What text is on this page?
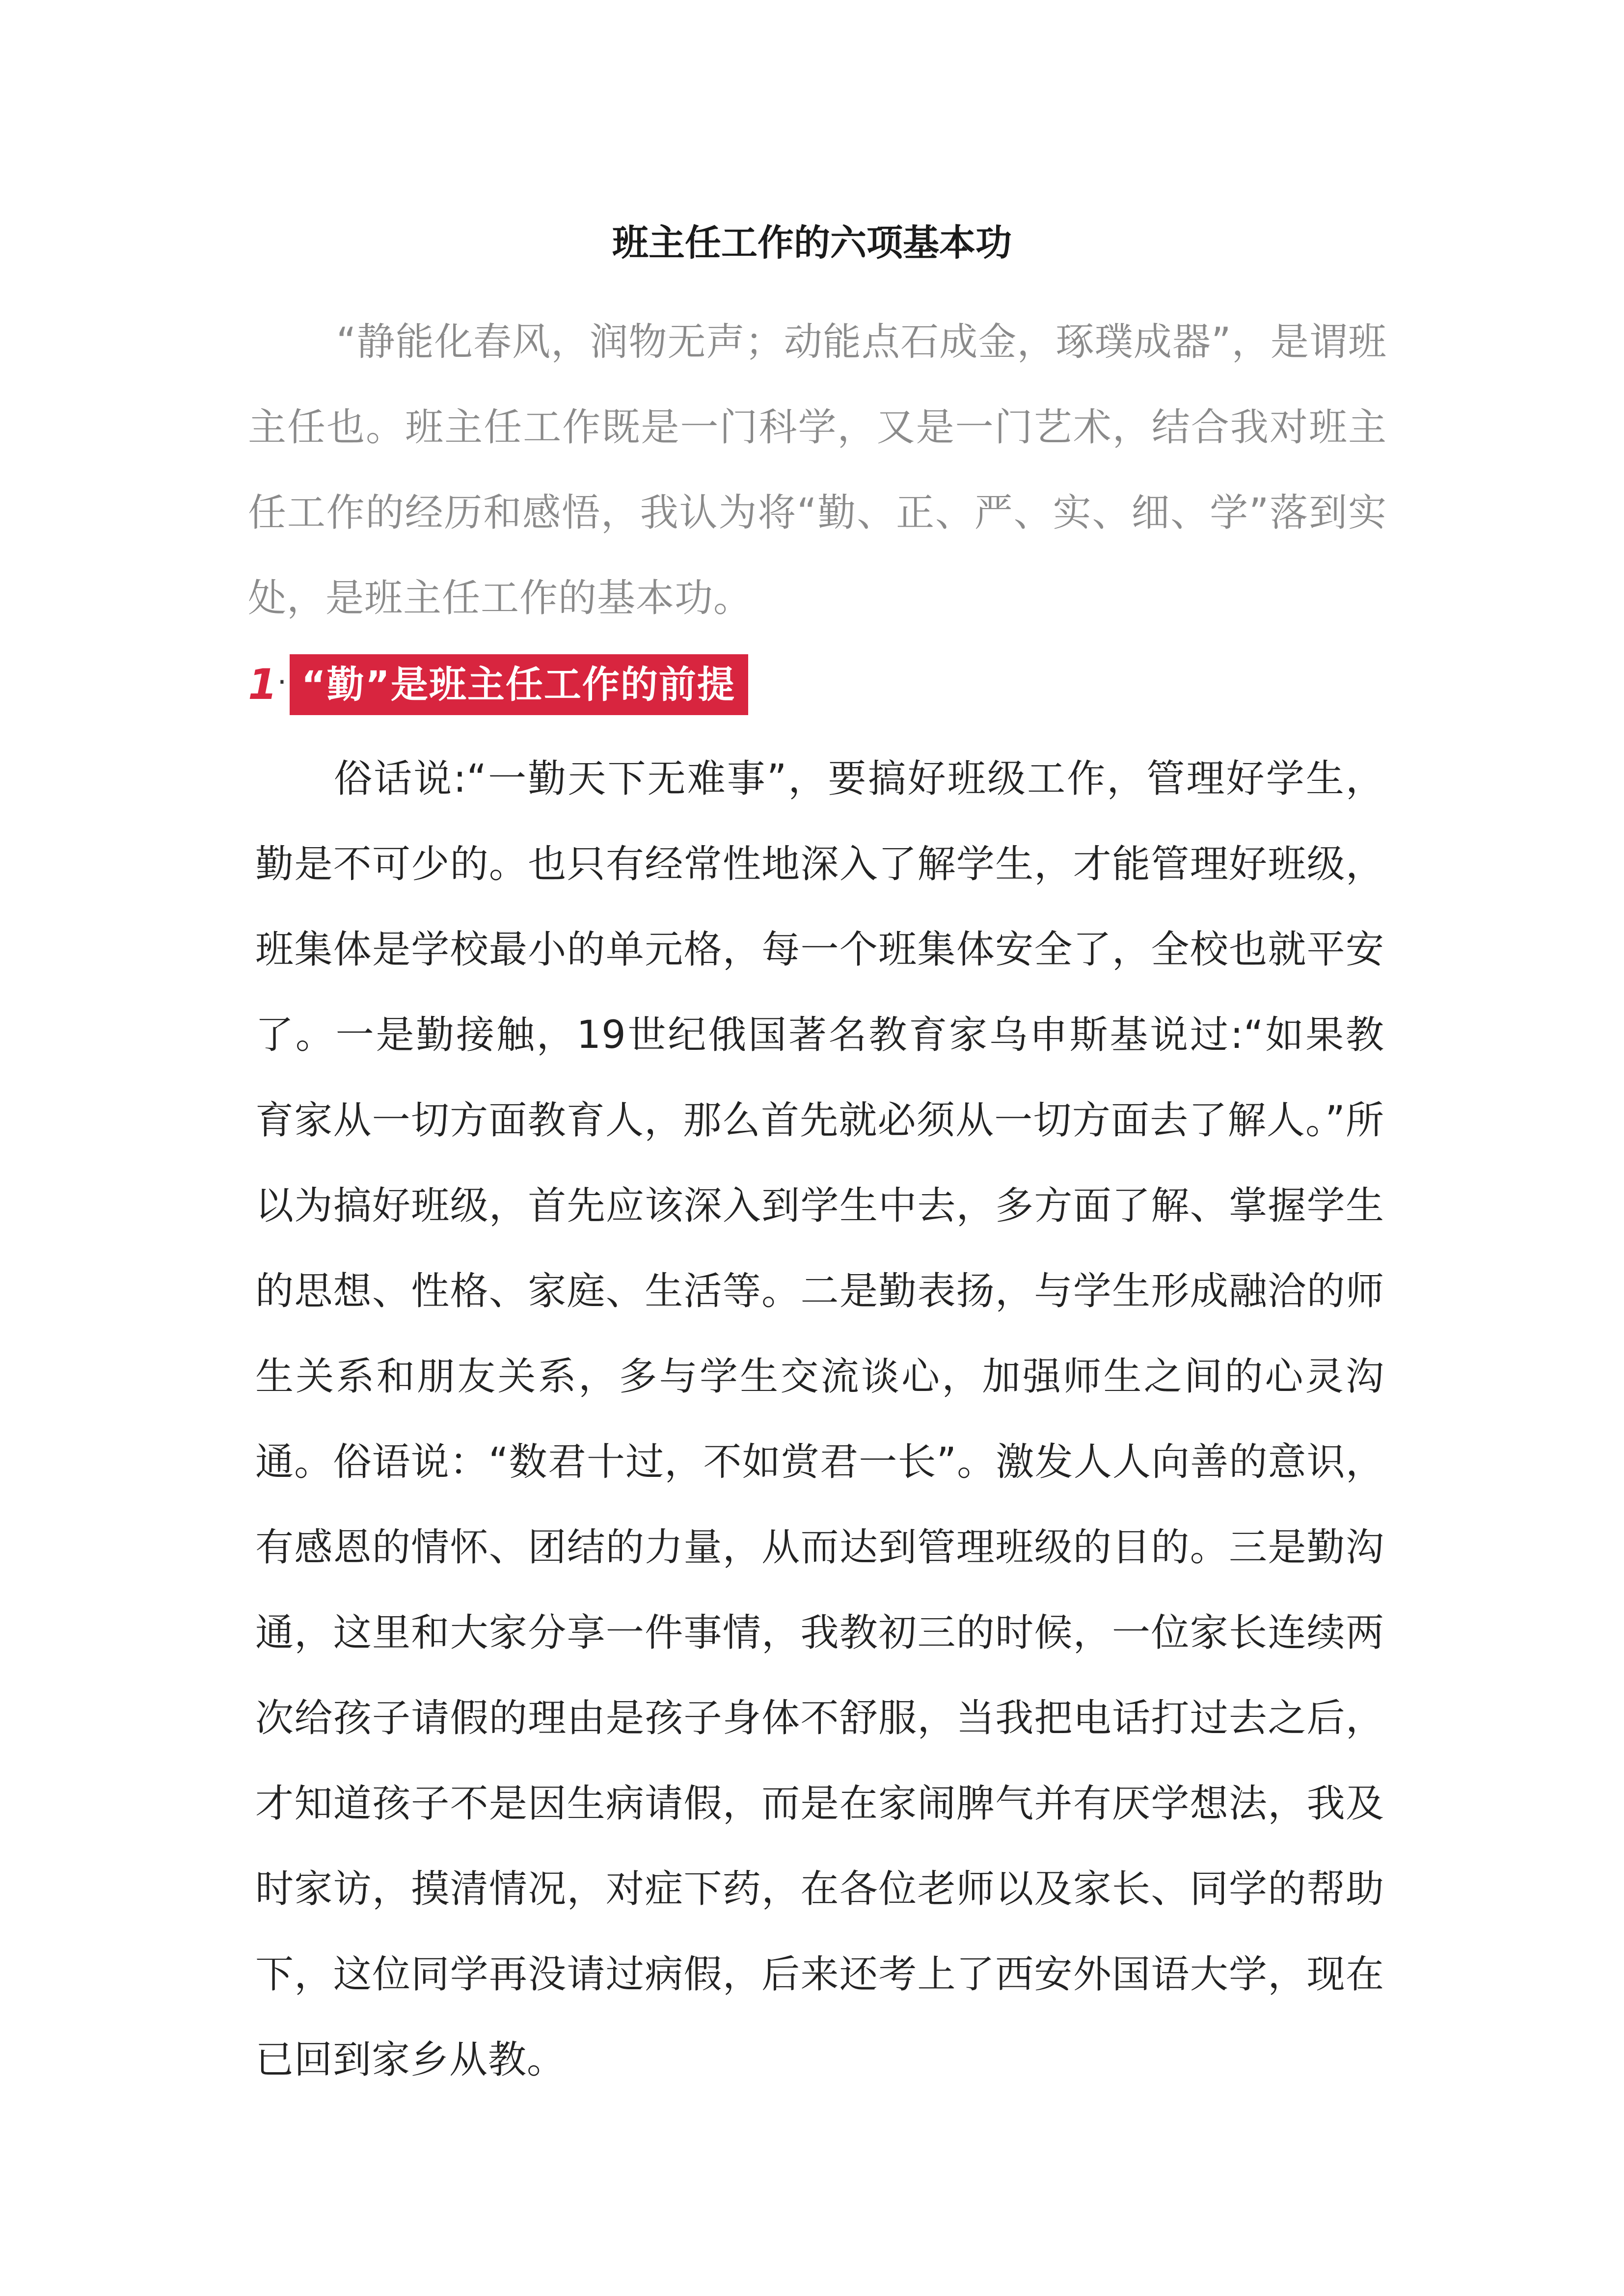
班主任工作的六项基本功

“静能化春风，润物无声；动能点石成金，琢璞成器”，是谓班主任也。班主任工作既是一门科学，又是一门艺术，结合我对班主任工作的经历和感悟，我认为将“勤、正、严、实、细、学”落到实处，是班主任工作的基本功。

1 . “勤”是班主任工作的前提

俗话说:“一勤天下无难事”，要搞好班级工作，管理好学生，勤是不可少的。也只有经常性地深入了解学生，才能管理好班级，班集体是学校最小的单元格，每一个班集体安全了，全校也就平安了。一是勤接触，19世纪俄国著名教育家乌申斯基说过:“如果教育家从一切方面教育人，那么首先就必须从一切方面去了解人。”所以为搞好班级，首先应该深入到学生中去，多方面了解、掌握学生的思想、性格、家庭、生活等。二是勤表扬，与学生形成融洽的师生关系和朋友关系，多与学生交流谈心，加强师生之间的心灵沟通。俗语说：“数君十过，不如赏君一长”。激发人人向善的意识，有感恩的情怀、团结的力量，从而达到管理班级的目的。三是勤沟通，这里和大家分享一件事情，我教初三的时候，一位家长连续两次给孩子请假的理由是孩子身体不舒服，当我把电话打过去之后，才知道孩子不是因生病请假，而是在家闹脾气并有厌学想法，我及时家访，摸清情况，对症下药，在各位老师以及家长、同学的帮助下，这位同学再没请过病假，后来还考上了西安外国语大学，现在已回到家乡从教。
